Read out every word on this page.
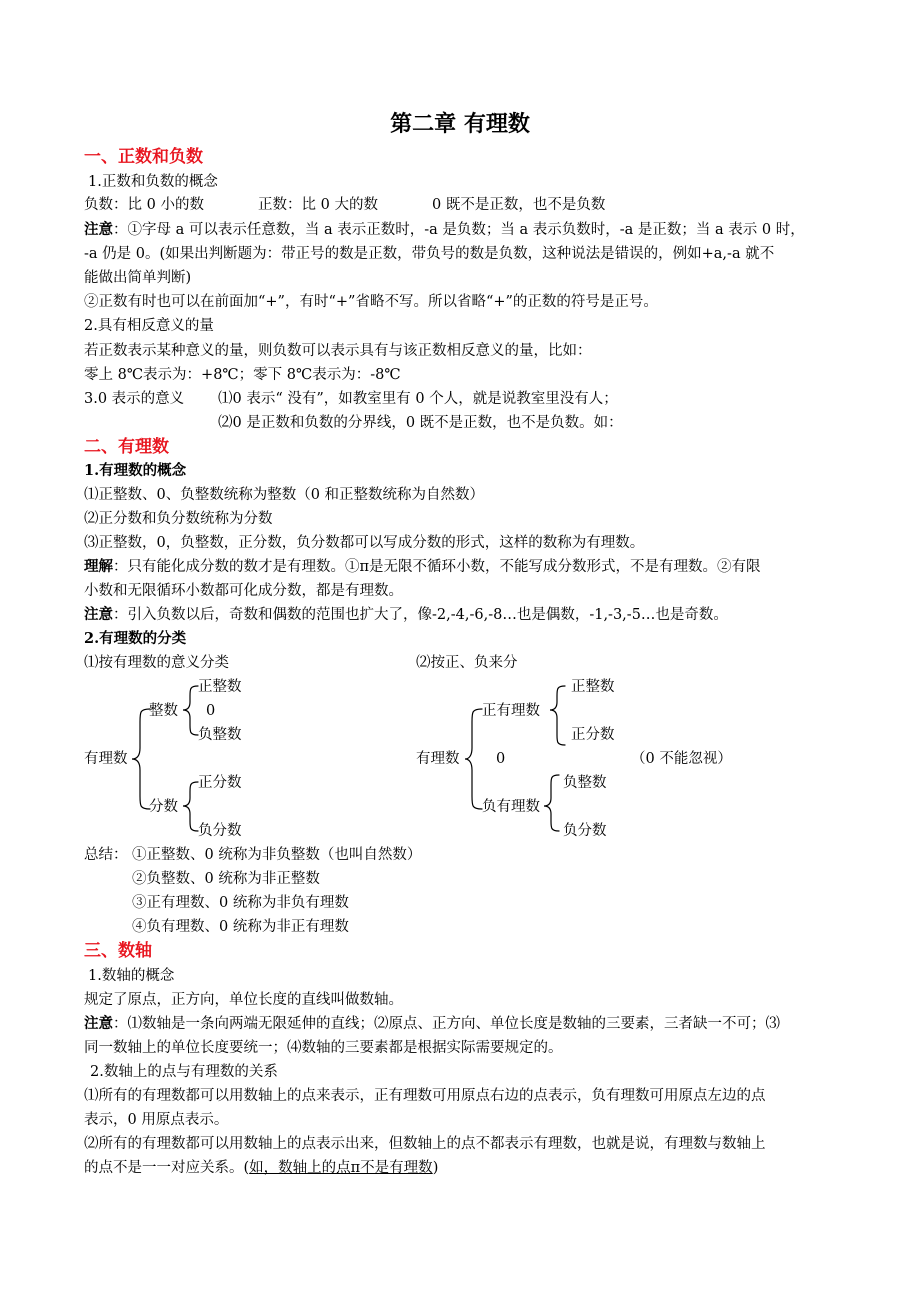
第二章 有理数
一、正数和负数
1.正数和负数的概念
负数：比 0 小的数	正数：比 0 大的数	0 既不是正数，也不是负数
注意：①字母 a 可以表示任意数，当 a 表示正数时，-a 是负数；当 a 表示负数时，-a 是正数；当 a 表示 0 时，
-a 仍是 0。(如果出判断题为：带正号的数是正数，带负号的数是负数，这种说法是错误的，例如+a,-a 就不
能做出简单判断)
②正数有时也可以在前面加“+”，有时“+”省略不写。所以省略“+”的正数的符号是正号。
2.具有相反意义的量
若正数表示某种意义的量，则负数可以表示具有与该正数相反意义的量，比如：
零上 8℃表示为：+8℃；零下 8℃表示为：-8℃
3.0 表示的意义 ⑴0 表示“ 没有”，如教室里有 0 个人，就是说教室里没有人；
⑵0 是正数和负数的分界线，0 既不是正数，也不是负数。如：
二、有理数
1.有理数的概念
⑴正整数、0、负整数统称为整数（0 和正整数统称为自然数）
⑵正分数和负分数统称为分数
⑶正整数，0，负整数，正分数，负分数都可以写成分数的形式，这样的数称为有理数。
理解：只有能化成分数的数才是有理数。①π是无限不循环小数，不能写成分数形式，不是有理数。②有限
小数和无限循环小数都可化成分数，都是有理数。
注意：引入负数以后，奇数和偶数的范围也扩大了，像-2,-4,-6,-8…也是偶数，-1,-3,-5…也是奇数。
2.有理数的分类
⑴按有理数的意义分类	⑵按正、负来分
有理数
整数
正整数
0
负整数
分数
正分数
负分数
有理数
正有理数
正整数
正分数
0	（0 不能忽视）
负有理数
负整数
负分数
总结： ①正整数、0 统称为非负整数（也叫自然数）
②负整数、0 统称为非正整数
③正有理数、0 统称为非负有理数
④负有理数、0 统称为非正有理数
三、数轴
1.数轴的概念
规定了原点，正方向，单位长度的直线叫做数轴。
注意：⑴数轴是一条向两端无限延伸的直线；⑵原点、正方向、单位长度是数轴的三要素，三者缺一不可；⑶
同一数轴上的单位长度要统一；⑷数轴的三要素都是根据实际需要规定的。
2.数轴上的点与有理数的关系
⑴所有的有理数都可以用数轴上的点来表示，正有理数可用原点右边的点表示，负有理数可用原点左边的点
表示，0 用原点表示。
⑵所有的有理数都可以用数轴上的点表示出来，但数轴上的点不都表示有理数，也就是说，有理数与数轴上
的点不是一一对应关系。(如，数轴上的点π不是有理数)
